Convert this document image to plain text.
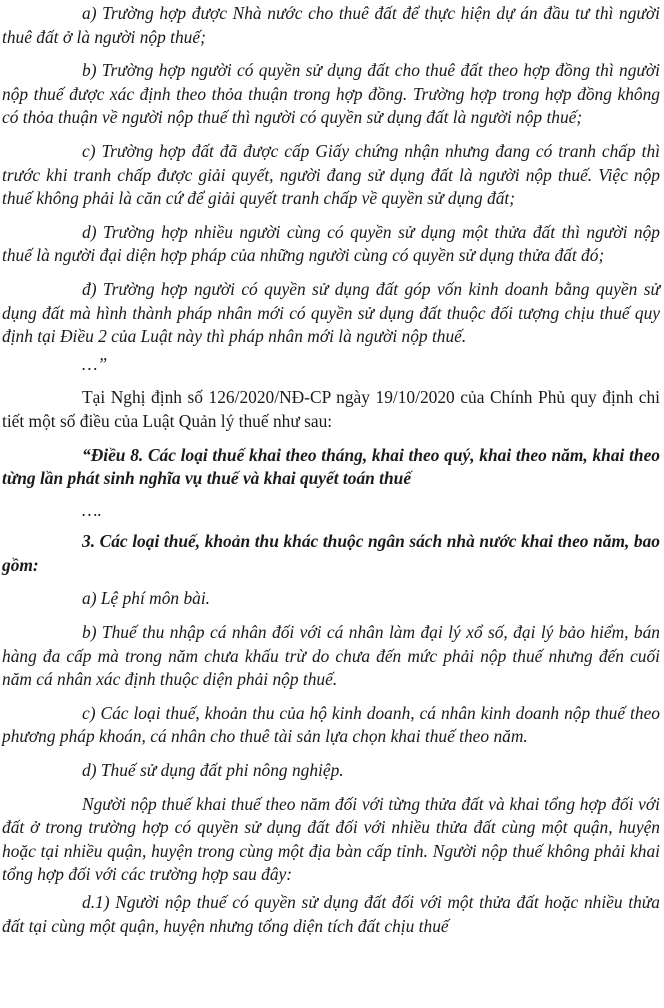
a) Trường hợp được Nhà nước cho thuê đất để thực hiện dự án đầu tư thì người thuê đất ở là người nộp thuế;

b) Trường hợp người có quyền sử dụng đất cho thuê đất theo hợp đồng thì người nộp thuế được xác định theo thỏa thuận trong hợp đồng. Trường hợp trong hợp đồng không có thỏa thuận về người nộp thuế thì người có quyền sử dụng đất là người nộp thuế;

c) Trường hợp đất đã được cấp Giấy chứng nhận nhưng đang có tranh chấp thì trước khi tranh chấp được giải quyết, người đang sử dụng đất là người nộp thuế. Việc nộp thuế không phải là căn cứ để giải quyết tranh chấp về quyền sử dụng đất;

d) Trường hợp nhiều người cùng có quyền sử dụng một thửa đất thì người nộp thuế là người đại diện hợp pháp của những người cùng có quyền sử dụng thửa đất đó;

đ) Trường hợp người có quyền sử dụng đất góp vốn kinh doanh bằng quyền sử dụng đất mà hình thành pháp nhân mới có quyền sử dụng đất thuộc đối tượng chịu thuế quy định tại Điều 2 của Luật này thì pháp nhân mới là người nộp thuế.

…”

Tại Nghị định số 126/2020/NĐ-CP ngày 19/10/2020 của Chính Phủ quy định chi tiết một số điều của Luật Quản lý thuế như sau:

“Điều 8. Các loại thuế khai theo tháng, khai theo quý, khai theo năm, khai theo từng lần phát sinh nghĩa vụ thuế và khai quyết toán thuế

….

3. Các loại thuế, khoản thu khác thuộc ngân sách nhà nước khai theo năm, bao gồm:

a) Lệ phí môn bài.

b) Thuế thu nhập cá nhân đối với cá nhân làm đại lý xổ số, đại lý bảo hiểm, bán hàng đa cấp mà trong năm chưa khấu trừ do chưa đến mức phải nộp thuế nhưng đến cuối năm cá nhân xác định thuộc diện phải nộp thuế.

c) Các loại thuế, khoản thu của hộ kinh doanh, cá nhân kinh doanh nộp thuế theo phương pháp khoán, cá nhân cho thuê tài sản lựa chọn khai thuế theo năm.

d) Thuế sử dụng đất phi nông nghiệp.

Người nộp thuế khai thuế theo năm đối với từng thửa đất và khai tổng hợp đối với đất ở trong trường hợp có quyền sử dụng đất đối với nhiều thửa đất cùng một quận, huyện hoặc tại nhiều quận, huyện trong cùng một địa bàn cấp tỉnh. Người nộp thuế không phải khai tổng hợp đối với các trường hợp sau đây:

d.1) Người nộp thuế có quyền sử dụng đất đối với một thửa đất hoặc nhiều thửa đất tại cùng một quận, huyện nhưng tổng diện tích đất chịu thuế
